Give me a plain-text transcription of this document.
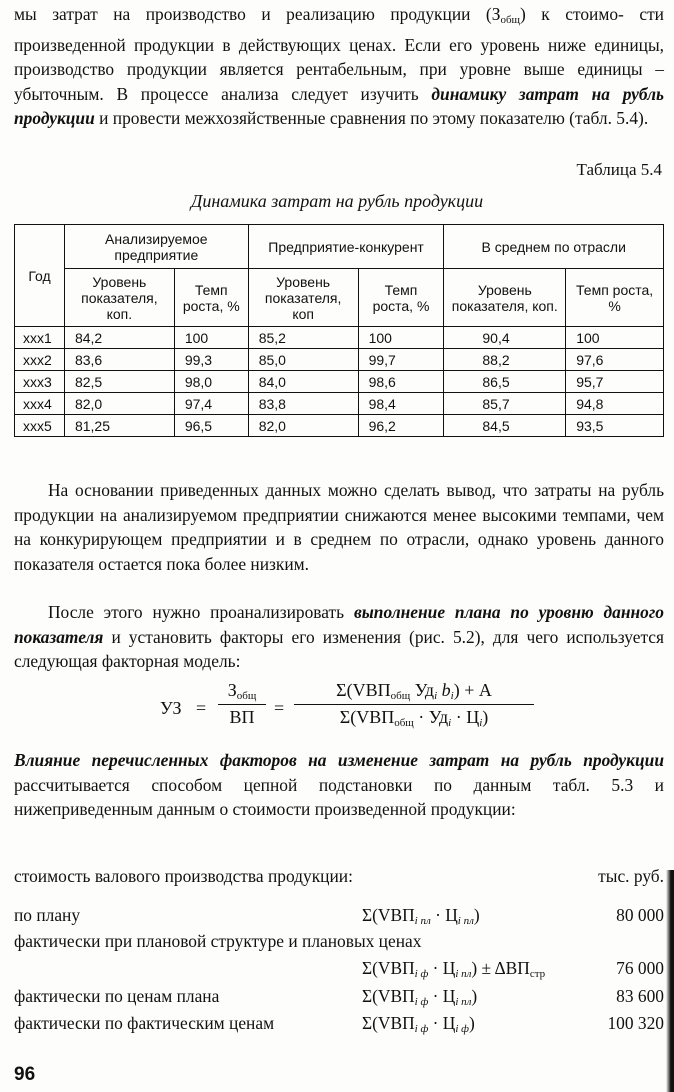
мы затрат на производство и реализацию продукции $(З_{общ})$ к стоимо- сти произведенной продукции в действующих ценах. Если его уровень ниже единицы, производство продукции является рентабельным, при уровне выше единицы – убыточным. В процессе анализа следует изучить динамику затрат на рубль продукции и провести межхозяйственные сравнения по этому показателю (табл. 5.4).
Таблица 5.4
Динамика затрат на рубль продукции
Год	Анализируемое предприятие		Предприятие-конкурент		В среднем по отрасли	
	Уровень показателя, коп.	Темп роста, %	Уровень показателя, коп	Темп роста, %	Уровень показателя, коп.	Темп роста, %
xxx1	84,2	100	85,2	100	90,4	100
xxx2	83,6	99,3	85,0	99,7	88,2	97,6
xxx3	82,5	98,0	84,0	98,6	86,5	95,7
xxx4	82,0	97,4	83,8	98,4	85,7	94,8
xxx5	81,25	96,5	82,0	96,2	84,5	93,5
На основании приведенных данных можно сделать вывод, что затраты на рубль продукции на анализируемом предприятии снижаются менее высокими темпами, чем на конкурирующем предприятии и в среднем по отрасли, однако уровень данного показателя остается пока более низким.
После этого нужно проанализировать выполнение плана по уровню данного показателя и установить факторы его изменения (рис. 5.2), для чего используется следующая факторная модель:
УЗ =
$З_{общ}$
ВП	=
$\Sigma(VВП_{общ}$ $Уд_i$ $b_i) + А$
$\Sigma(VВП_{общ} \cdot Уд_i \cdot Ц_i)$
Влияние перечисленных факторов на изменение затрат на рубль продукции рассчитывается способом цепной подстановки по данным табл. 5.3 и нижеприведенным данным о стоимости произведенной продукции:
стоимость валового производства продукции:	тыс. руб.
по плану	$\Sigma(VВП_{i пл} \cdot Ц_{i пл})$	80 000
фактически при плановой структуре и плановых ценах
$\Sigma(VВП_{i ф} \cdot Ц_{i пл}) \pm \Delta ВП_{стр}$	76 000
фактически по ценам плана	$\Sigma(VВП_{i ф} \cdot Ц_{i пл})$	83 600
фактически по фактическим ценам	$\Sigma(VВП_{i ф} \cdot Ц_{i ф})$	100 320
96
